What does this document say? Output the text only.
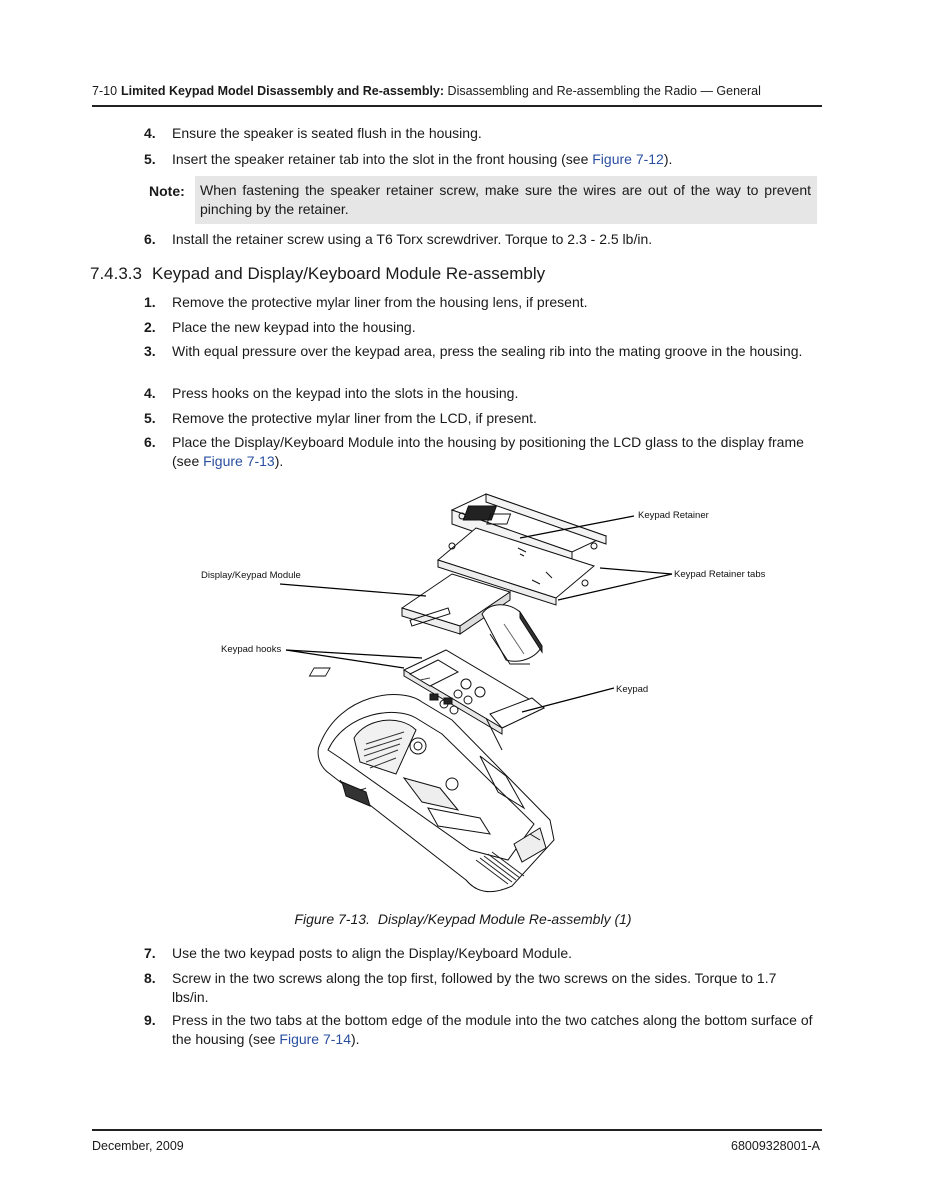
7-10 Limited Keypad Model Disassembly and Re-assembly: Disassembling and Re-assembling the Radio — General
4.	Ensure the speaker is seated flush in the housing.
5.	Insert the speaker retainer tab into the slot in the front housing (see Figure 7-12).
Note:	When fastening the speaker retainer screw, make sure the wires are out of the way to prevent pinching by the retainer.
6.	Install the retainer screw using a T6 Torx screwdriver. Torque to 2.3 - 2.5 lb/in.
7.4.3.3 Keypad and Display/Keyboard Module Re-assembly
1.	Remove the protective mylar liner from the housing lens, if present.
2.	Place the new keypad into the housing.
3.	With equal pressure over the keypad area, press the sealing rib into the mating groove in the housing.
4.	Press hooks on the keypad into the slots in the housing.
5.	Remove the protective mylar liner from the LCD, if present.
6.	Place the Display/Keyboard Module into the housing by positioning the LCD glass to the display frame (see Figure 7-13).
Keypad Retainer
Keypad Retainer tabs
Display/Keypad Module
Keypad hooks
Keypad
Figure 7-13. Display/Keypad Module Re-assembly (1)
7.	Use the two keypad posts to align the Display/Keyboard Module.
8.	Screw in the two screws along the top first, followed by the two screws on the sides. Torque to 1.7 lbs/in.
9.	Press in the two tabs at the bottom edge of the module into the two catches along the bottom surface of the housing (see Figure 7-14).
December, 2009	68009328001-A
